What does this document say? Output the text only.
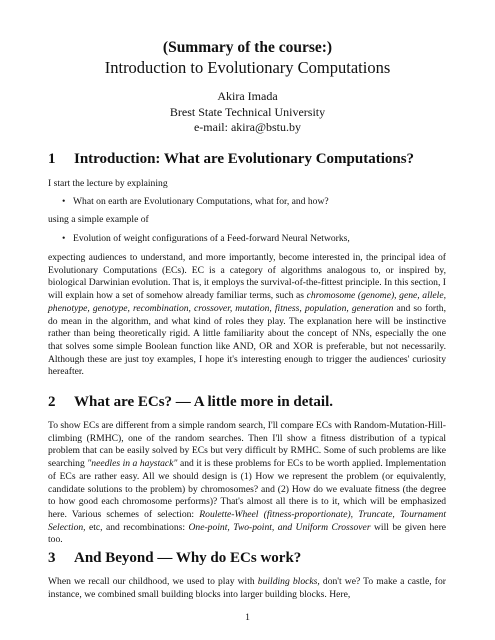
(Summary of the course:)
Introduction to Evolutionary Computations
Akira Imada
Brest State Technical University
e-mail: akira@bstu.by
1 Introduction: What are Evolutionary Computations?
I start the lecture by explaining
• What on earth are Evolutionary Computations, what for, and how?
using a simple example of
• Evolution of weight configurations of a Feed-forward Neural Networks,

expecting audiences to understand, and more importantly, become interested in, the principal idea of Evolutionary Computations (ECs). EC is a category of algorithms analogous to, or inspired by, biological Darwinian evolution. That is, it employs the survival-of-the-fittest principle. In this section, I will explain how a set of somehow already familiar terms, such as chromosome (genome), gene, allele, phenotype, genotype, recombination, crossover, mutation, fitness, population, generation and so forth, do mean in the algorithm, and what kind of roles they play. The explanation here will be instinctive rather than being theoretically rigid. A little familiarity about the concept of NNs, especially the one that solves some simple Boolean function like AND, OR and XOR is preferable, but not necessarily. Although these are just toy examples, I hope it's interesting enough to trigger the audiences' curiosity hereafter.

2 What are ECs? — A little more in detail.

To show ECs are different from a simple random search, I'll compare ECs with Random-Mutation-Hill-climbing (RMHC), one of the random searches. Then I'll show a fitness distribution of a typical problem that can be easily solved by ECs but very difficult by RMHC. Some of such problems are like searching "needles in a haystack" and it is these problems for ECs to be worth applied. Implementation of ECs are rather easy. All we should design is (1) How we represent the problem (or equivalently, candidate solutions to the problem) by chromosomes? and (2) How do we evaluate fitness (the degree to how good each chromosome performs)? That's almost all there is to it, which will be emphasized here. Various schemes of selection: Roulette-Wheel (fitness-proportionate), Truncate, Tournament Selection, etc, and recombinations: One-point, Two-point, and Uniform Crossover will be given here too.

3 And Beyond — Why do ECs work?

When we recall our childhood, we used to play with building blocks, don't we? To make a castle, for instance, we combined small building blocks into larger building blocks. Here,

1
